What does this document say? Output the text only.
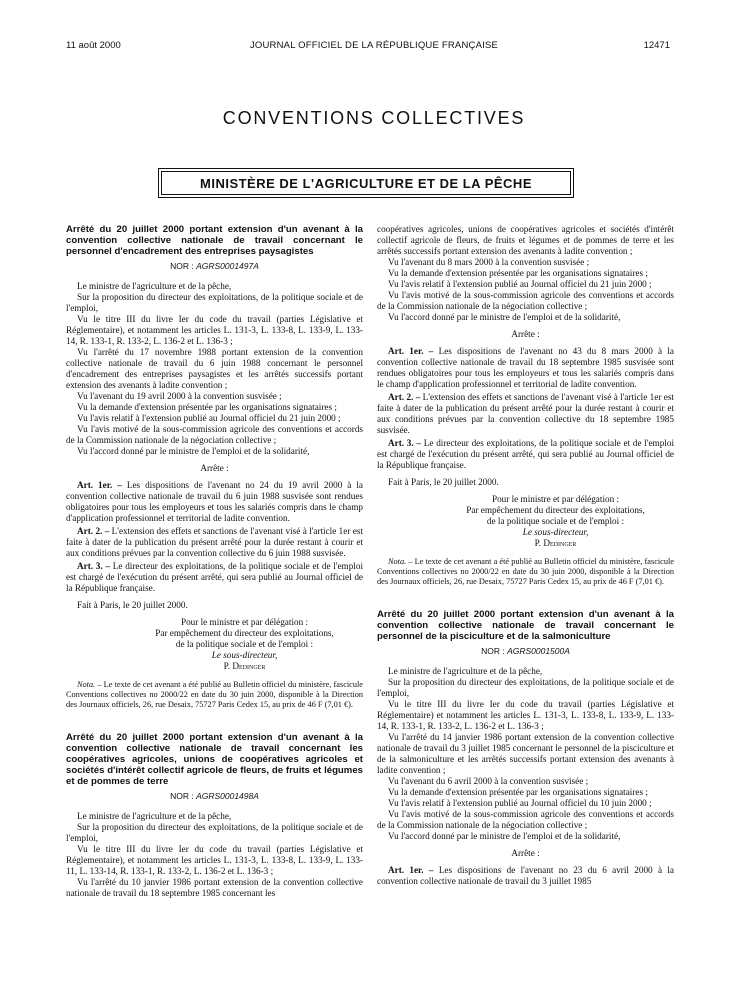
11 août 2000	JOURNAL OFFICIEL DE LA RÉPUBLIQUE FRANÇAISE	12471
CONVENTIONS COLLECTIVES
MINISTÈRE DE L'AGRICULTURE ET DE LA PÊCHE
Arrêté du 20 juillet 2000 portant extension d'un avenant à la convention collective nationale de travail concernant le personnel d'encadrement des entreprises paysagistes
NOR : AGRS0001497A

Le ministre de l'agriculture et de la pêche,

Sur la proposition du directeur des exploitations, de la politique sociale et de l'emploi,

Vu le titre III du livre Ier du code du travail (parties Législative et Réglementaire), et notamment les articles L. 131-3, L. 133-8, L. 133-9, L. 133-14, R. 133-1, R. 133-2, L. 136-2 et L. 136-3 ;

Vu l'arrêté du 17 novembre 1988 portant extension de la convention collective nationale de travail du 6 juin 1988 concernant le personnel d'encadrement des entreprises paysagistes et les arrêtés successifs portant extension des avenants à ladite convention ;

Vu l'avenant du 19 avril 2000 à la convention susvisée ;

Vu la demande d'extension présentée par les organisations signataires ;

Vu l'avis relatif à l'extension publié au Journal officiel du 21 juin 2000 ;

Vu l'avis motivé de la sous-commission agricole des conventions et accords de la Commission nationale de la négociation collective ;

Vu l'accord donné par le ministre de l'emploi et de la solidarité,

Arrête :

Art. 1er. – Les dispositions de l'avenant no 24 du 19 avril 2000 à la convention collective nationale de travail du 6 juin 1988 susvisée sont rendues obligatoires pour tous les employeurs et tous les salariés compris dans le champ d'application professionnel et territorial de ladite convention.

Art. 2. – L'extension des effets et sanctions de l'avenant visé à l'article 1er est faite à dater de la publication du présent arrêté pour la durée restant à courir et aux conditions prévues par la convention collective du 6 juin 1988 susvisée.

Art. 3. – Le directeur des exploitations, de la politique sociale et de l'emploi est chargé de l'exécution du présent arrêté, qui sera publié au Journal officiel de la République française.

Fait à Paris, le 20 juillet 2000.

Pour le ministre et par délégation :
Par empêchement du directeur des exploitations,
de la politique sociale et de l'emploi :
Le sous-directeur,
P. Dedinger

Nota. – Le texte de cet avenant a été publié au Bulletin officiel du ministère, fascicule Conventions collectives no 2000/22 en date du 30 juin 2000, disponible à la Direction des Journaux officiels, 26, rue Desaix, 75727 Paris Cedex 15, au prix de 46 F (7,01 €).

Arrêté du 20 juillet 2000 portant extension d'un avenant à la convention collective nationale de travail concernant les coopératives agricoles, unions de coopératives agricoles et sociétés d'intérêt collectif agricole de fleurs, de fruits et légumes et de pommes de terre
NOR : AGRS0001498A

Le ministre de l'agriculture et de la pêche,

Sur la proposition du directeur des exploitations, de la politique sociale et de l'emploi,

Vu le titre III du livre Ier du code du travail (parties Législative et Réglementaire), et notamment les articles L. 131-3, L. 133-8, L. 133-9, L. 133-11, L. 133-14, R. 133-1, R. 133-2, L. 136-2 et L. 136-3 ;

Vu l'arrêté du 10 janvier 1986 portant extension de la convention collective nationale de travail du 18 septembre 1985 concernant les

coopératives agricoles, unions de coopératives agricoles et sociétés d'intérêt collectif agricole de fleurs, de fruits et légumes et de pommes de terre et les arrêtés successifs portant extension des avenants à ladite convention ;

Vu l'avenant du 8 mars 2000 à la convention susvisée ;

Vu la demande d'extension présentée par les organisations signataires ;

Vu l'avis relatif à l'extension publié au Journal officiel du 21 juin 2000 ;

Vu l'avis motivé de la sous-commission agricole des conventions et accords de la Commission nationale de la négociation collective ;

Vu l'accord donné par le ministre de l'emploi et de la solidarité,

Arrête :

Art. 1er. – Les dispositions de l'avenant no 43 du 8 mars 2000 à la convention collective nationale de travail du 18 septembre 1985 susvisée sont rendues obligatoires pour tous les employeurs et tous les salariés compris dans le champ d'application professionnel et territorial de ladite convention.

Art. 2. – L'extension des effets et sanctions de l'avenant visé à l'article 1er est faite à dater de la publication du présent arrêté pour la durée restant à courir et aux conditions prévues par la convention collective du 18 septembre 1985 susvisée.

Art. 3. – Le directeur des exploitations, de la politique sociale et de l'emploi est chargé de l'exécution du présent arrêté, qui sera publié au Journal officiel de la République française.

Fait à Paris, le 20 juillet 2000.

Pour le ministre et par délégation :
Par empêchement du directeur des exploitations,
de la politique sociale et de l'emploi :
Le sous-directeur,
P. Dedinger

Nota. – Le texte de cet avenant a été publié au Bulletin officiel du ministère, fascicule Conventions collectives no 2000/22 en date du 30 juin 2000, disponible à la Direction des Journaux officiels, 26, rue Desaix, 75727 Paris Cedex 15, au prix de 46 F (7,01 €).

Arrêté du 20 juillet 2000 portant extension d'un avenant à la convention collective nationale de travail concernant le personnel de la pisciculture et de la salmoniculture
NOR : AGRS0001500A

Le ministre de l'agriculture et de la pêche,

Sur la proposition du directeur des exploitations, de la politique sociale et de l'emploi,

Vu le titre III du livre Ier du code du travail (parties Législative et Réglementaire) et notamment les articles L. 131-3, L. 133-8, L. 133-9, L. 133-14, R. 133-1, R. 133-2, L. 136-2 et L. 136-3 ;

Vu l'arrêté du 14 janvier 1986 portant extension de la convention collective nationale de travail du 3 juillet 1985 concernant le personnel de la pisciculture et de la salmoniculture et les arrêtés successifs portant extension des avenants à ladite convention ;

Vu l'avenant du 6 avril 2000 à la convention susvisée ;

Vu la demande d'extension présentée par les organisations signataires ;

Vu l'avis relatif à l'extension publié au Journal officiel du 10 juin 2000 ;

Vu l'avis motivé de la sous-commission agricole des conventions et accords de la Commission nationale de la négociation collective ;

Vu l'accord donné par le ministre de l'emploi et de la solidarité,

Arrête :

Art. 1er. – Les dispositions de l'avenant no 23 du 6 avril 2000 à la convention collective nationale de travail du 3 juillet 1985
